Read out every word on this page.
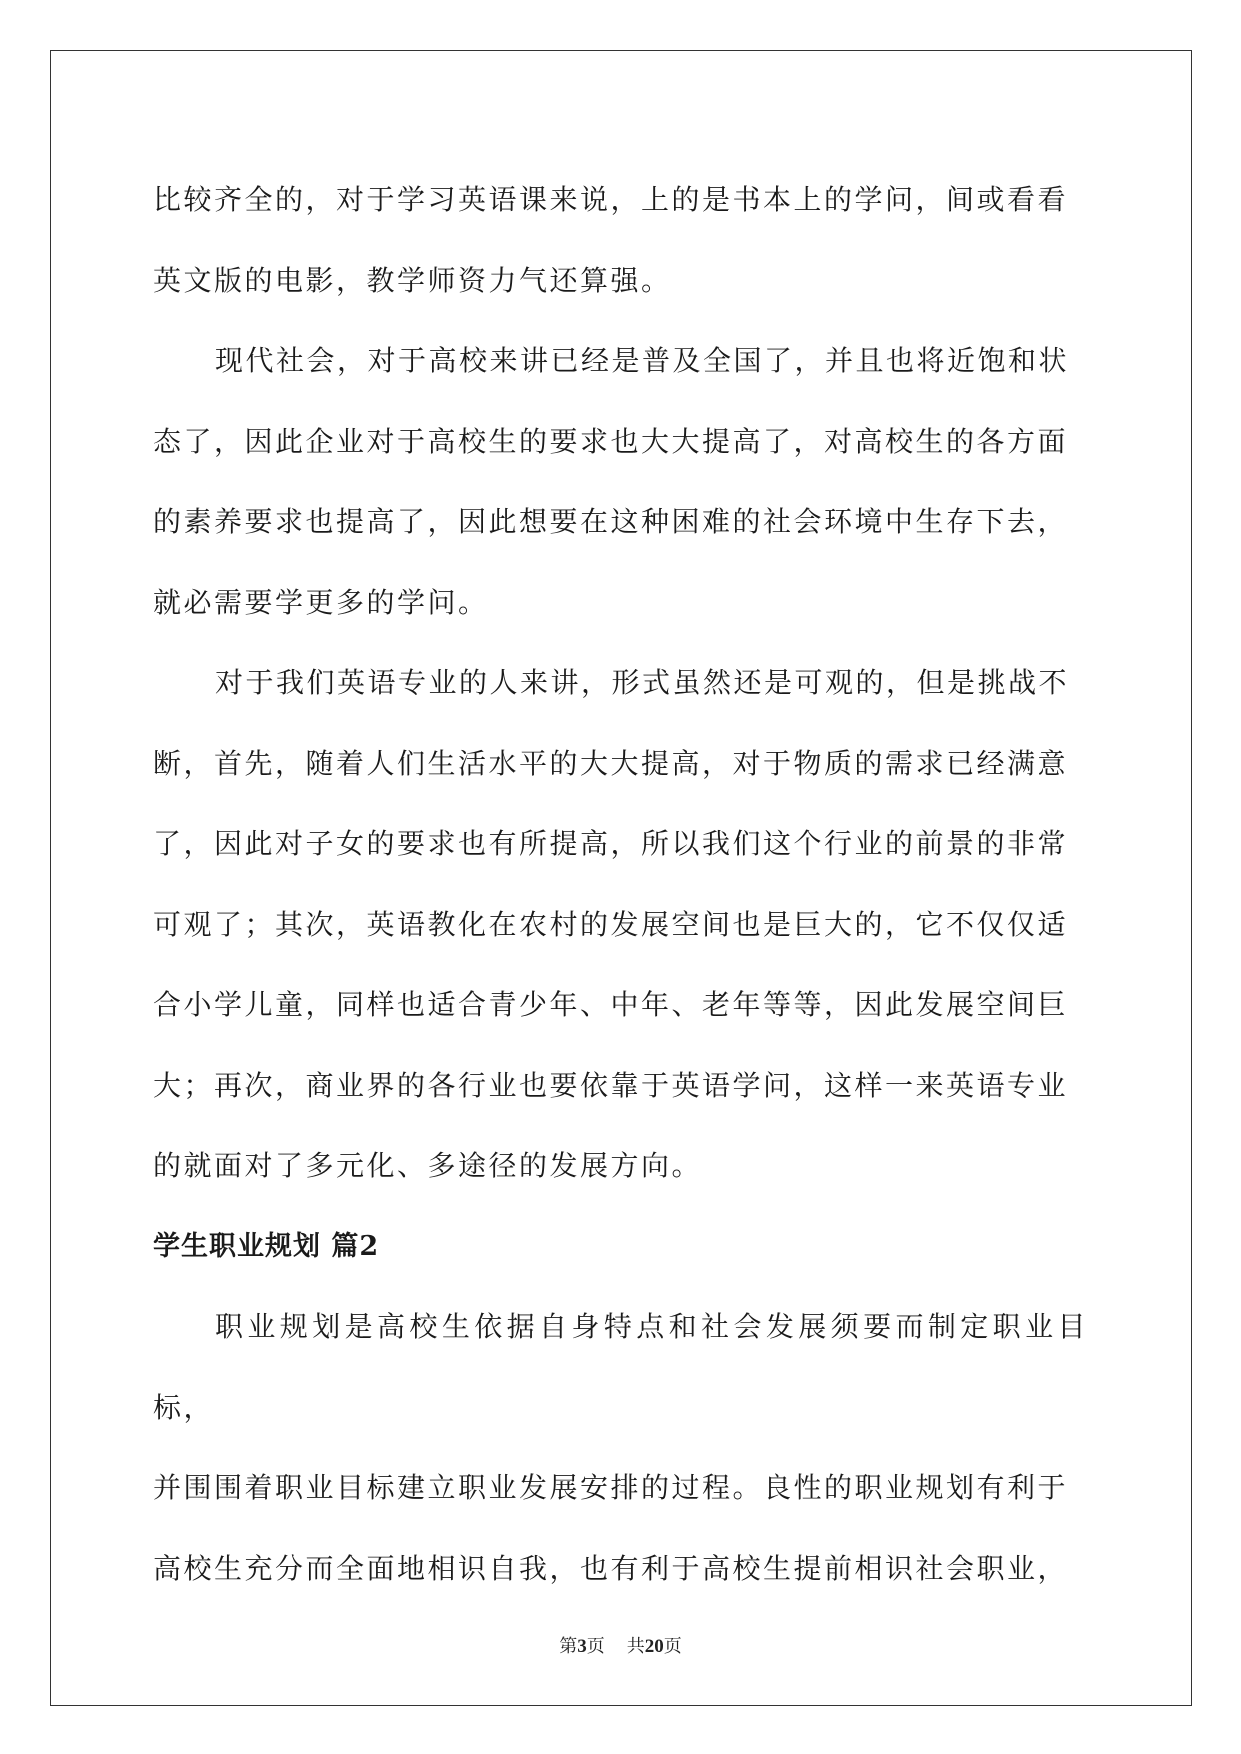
比较齐全的，对于学习英语课来说，上的是书本上的学问，间或看看

英文版的电影，教学师资力气还算强。

现代社会，对于高校来讲已经是普及全国了，并且也将近饱和状

态了，因此企业对于高校生的要求也大大提高了，对高校生的各方面

的素养要求也提高了，因此想要在这种困难的社会环境中生存下去，

就必需要学更多的学问。

对于我们英语专业的人来讲，形式虽然还是可观的，但是挑战不

断，首先，随着人们生活水平的大大提高，对于物质的需求已经满意

了，因此对子女的要求也有所提高，所以我们这个行业的前景的非常

可观了；其次，英语教化在农村的发展空间也是巨大的，它不仅仅适

合小学儿童，同样也适合青少年、中年、老年等等，因此发展空间巨

大；再次，商业界的各行业也要依靠于英语学问，这样一来英语专业

的就面对了多元化、多途径的发展方向。

学生职业规划 篇2

职业规划是高校生依据自身特点和社会发展须要而制定职业目标，

并围围着职业目标建立职业发展安排的过程。良性的职业规划有利于

高校生充分而全面地相识自我，也有利于高校生提前相识社会职业，

第3页 共20页
